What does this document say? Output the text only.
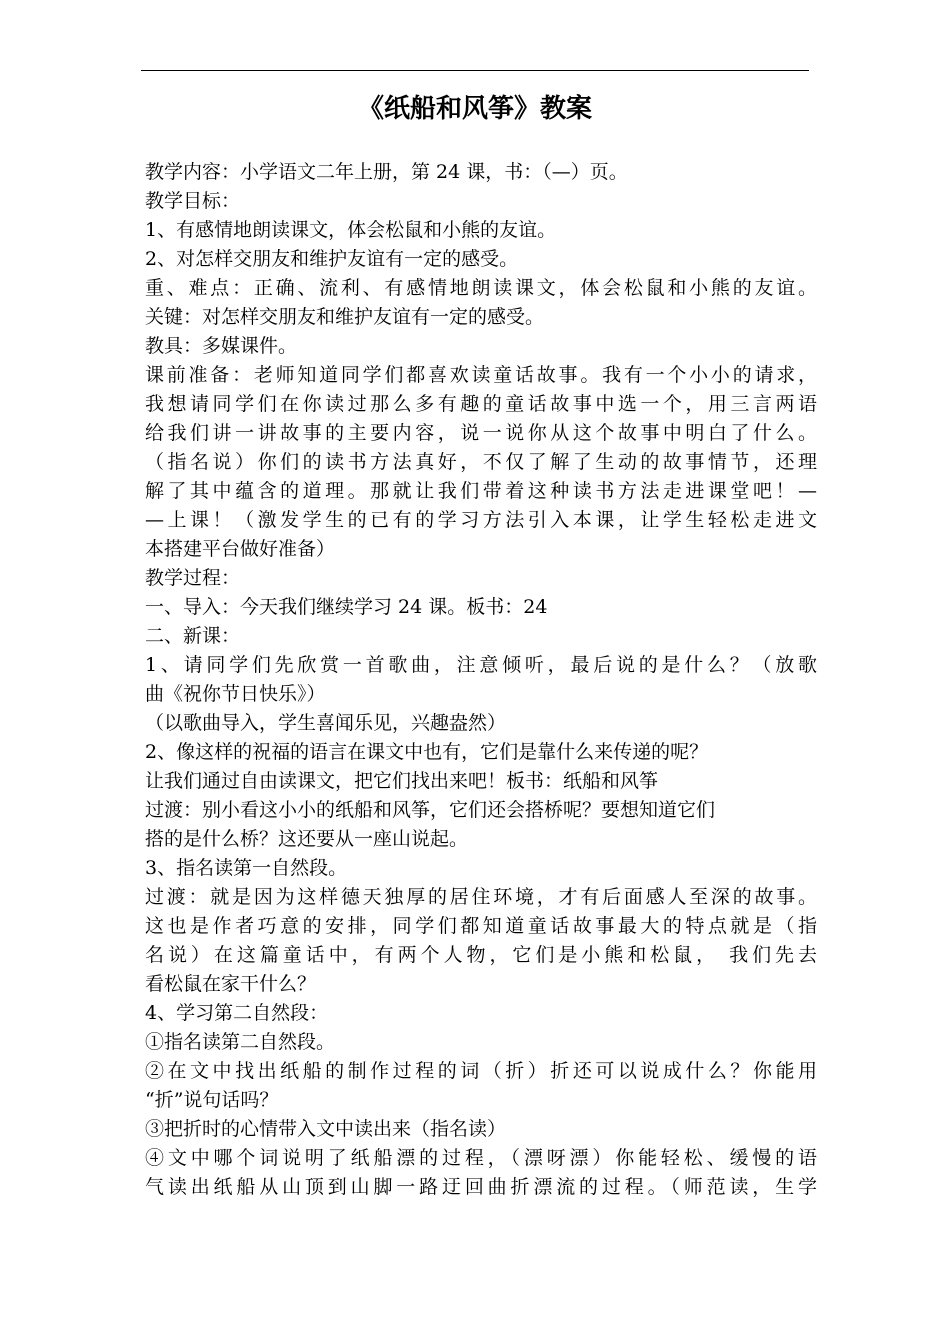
《纸船和风筝》教案
教学内容：小学语文二年上册，第 24 课，书：（—）页。
教学目标：
1、有感情地朗读课文，体会松鼠和小熊的友谊。
2、对怎样交朋友和维护友谊有一定的感受。
重、难点：正确、流利、有感情地朗读课文，体会松鼠和小熊的友谊。
关键：对怎样交朋友和维护友谊有一定的感受。
教具：多媒课件。
课前准备：老师知道同学们都喜欢读童话故事。我有一个小小的请求，
我想请同学们在你读过那么多有趣的童话故事中选一个，用三言两语
给我们讲一讲故事的主要内容，说一说你从这个故事中明白了什么。
（指名说）你们的读书方法真好，不仅了解了生动的故事情节，还理
解了其中蕴含的道理。那就让我们带着这种读书方法走进课堂吧！—
—上课！（激发学生的已有的学习方法引入本课，让学生轻松走进文
本搭建平台做好准备）
教学过程：
一、导入：今天我们继续学习 24 课。板书：24
二、新课：
1、请同学们先欣赏一首歌曲，注意倾听，最后说的是什么？（放歌
曲《祝你节日快乐》）
（以歌曲导入，学生喜闻乐见，兴趣盎然）
2、像这样的祝福的语言在课文中也有，它们是靠什么来传递的呢？
让我们通过自由读课文，把它们找出来吧！板书：纸船和风筝
过渡：别小看这小小的纸船和风筝，它们还会搭桥呢？要想知道它们
搭的是什么桥？这还要从一座山说起。
3、指名读第一自然段。
过渡：就是因为这样德天独厚的居住环境，才有后面感人至深的故事。
这也是作者巧意的安排，同学们都知道童话故事最大的特点就是（指
名说）在这篇童话中，有两个人物，它们是小熊和松鼠， 我们先去
看松鼠在家干什么？
4、学习第二自然段：
①指名读第二自然段。
②在文中找出纸船的制作过程的词（折）折还可以说成什么？你能用
“折”说句话吗？
③把折时的心情带入文中读出来（指名读）
④文中哪个词说明了纸船漂的过程，（漂呀漂）你能轻松、缓慢的语
气读出纸船从山顶到山脚一路迂回曲折漂流的过程。（师范读，生学
